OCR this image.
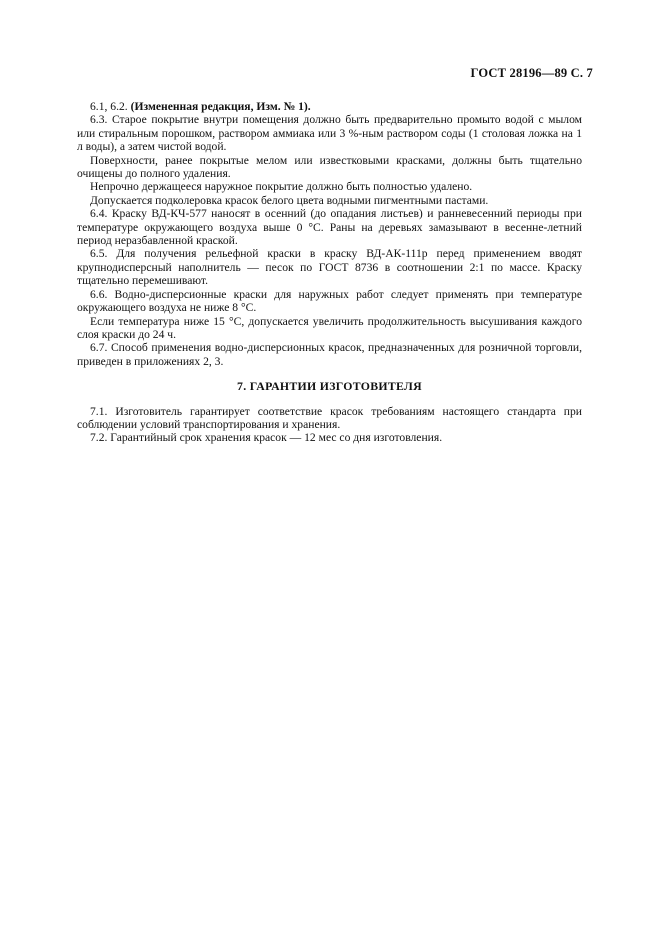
ГОСТ 28196—89 С. 7

6.1, 6.2. (Измененная редакция, Изм. № 1).

6.3. Старое покрытие внутри помещения должно быть предварительно промыто водой с мылом или стиральным порошком, раствором аммиака или 3 %-ным раствором соды (1 столовая ложка на 1 л воды), а затем чистой водой.

Поверхности, ранее покрытые мелом или известковыми красками, должны быть тщательно очищены до полного удаления.

Непрочно держащееся наружное покрытие должно быть полностью удалено.

Допускается подколеровка красок белого цвета водными пигментными пастами.

6.4. Краску ВД-КЧ-577 наносят в осенний (до опадания листьев) и ранневесенний периоды при температуре окружающего воздуха выше 0 °С. Раны на деревьях замазывают в весенне-летний период неразбавленной краской.

6.5. Для получения рельефной краски в краску ВД-АК-111р перед применением вводят крупнодисперсный наполнитель — песок по ГОСТ 8736 в соотношении 2:1 по массе. Краску тщательно перемешивают.

6.6. Водно-дисперсионные краски для наружных работ следует применять при температуре окружающего воздуха не ниже 8 °С.

Если температура ниже 15 °С, допускается увеличить продолжительность высушивания каждого слоя краски до 24 ч.

6.7. Способ применения водно-дисперсионных красок, предназначенных для розничной торговли, приведен в приложениях 2, 3.

7. ГАРАНТИИ ИЗГОТОВИТЕЛЯ

7.1. Изготовитель гарантирует соответствие красок требованиям настоящего стандарта при соблюдении условий транспортирования и хранения.

7.2. Гарантийный срок хранения красок — 12 мес со дня изготовления.
